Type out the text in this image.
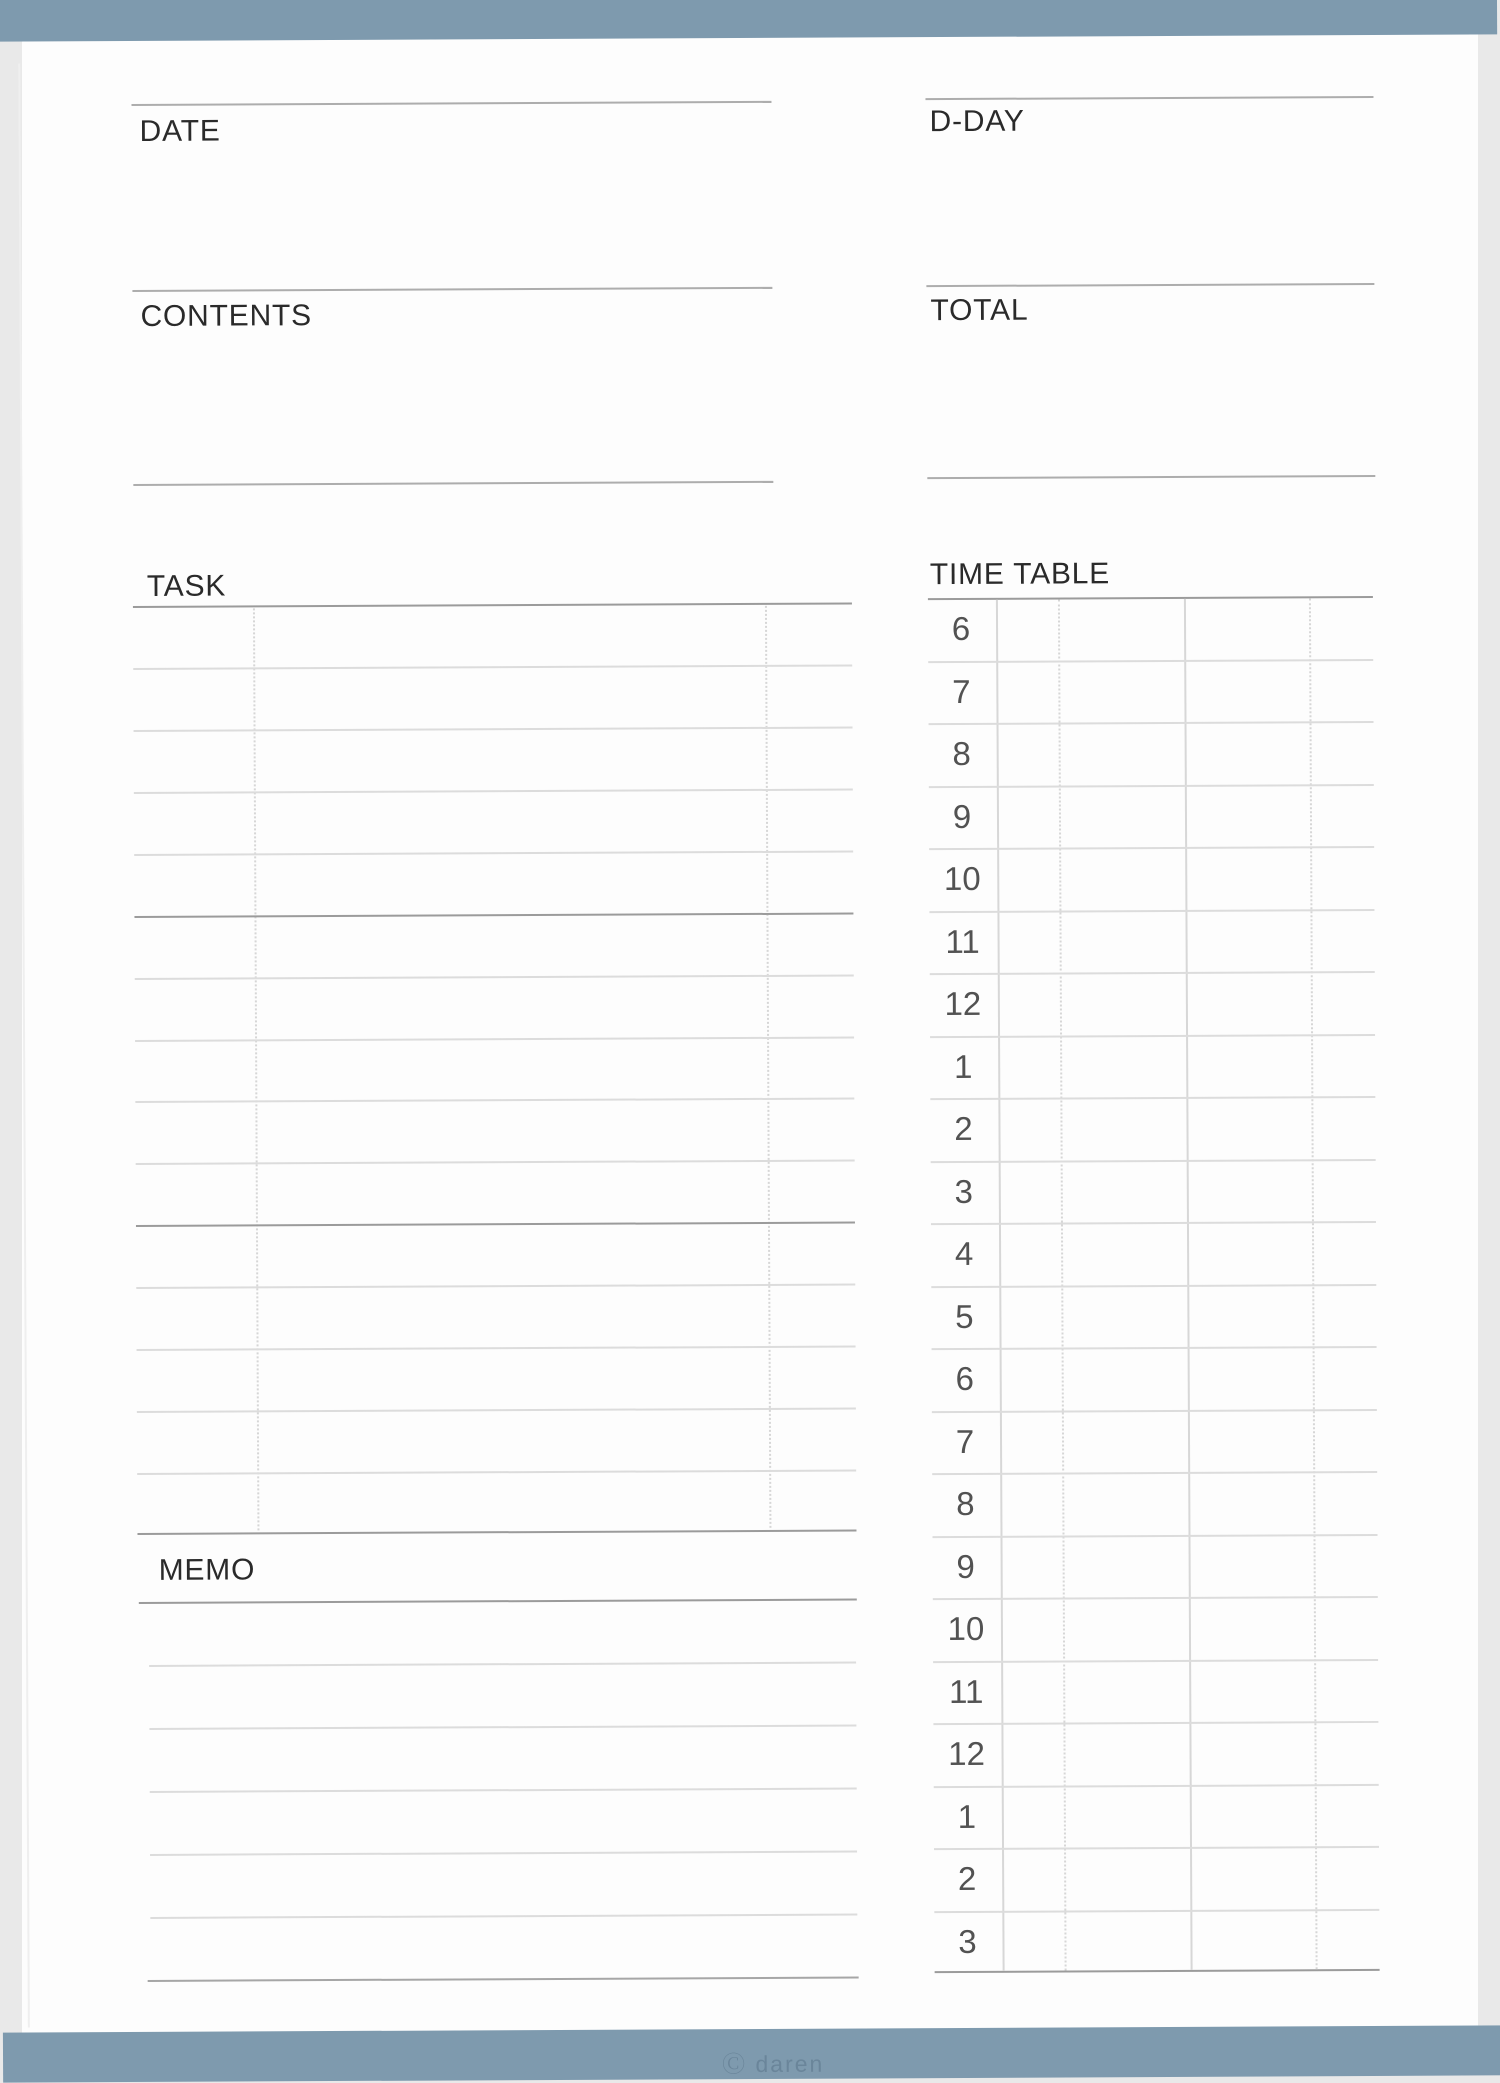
Ⓒ daren
DATE	D-DAY
CONTENTS	TOTAL
TASK	TIME TABLE
6
7
8
9
10
11
12
1
2
3
4
5
6
7
8
9
10
11
12
1
2
3
MEMO
